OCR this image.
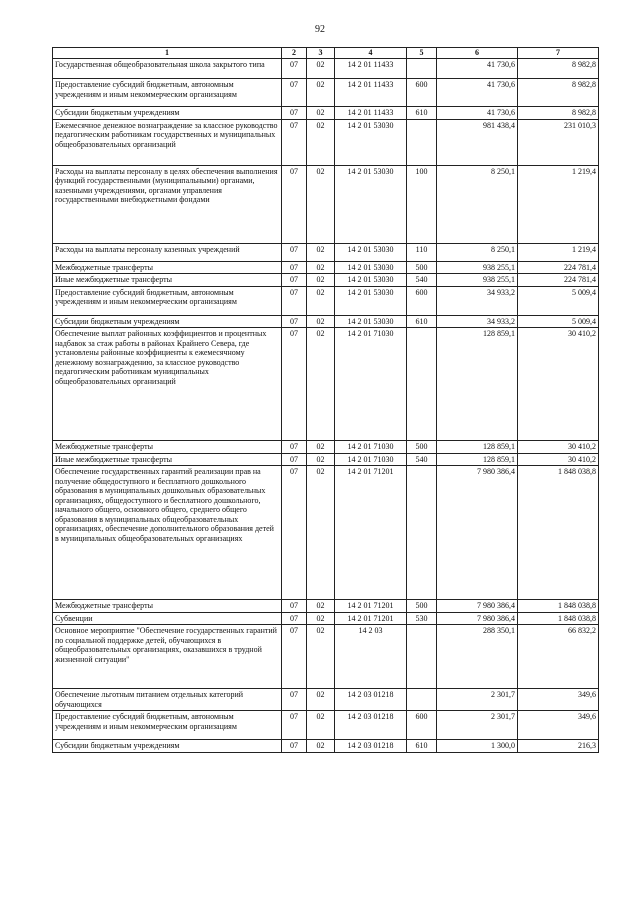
92
1	2	3	4	5	6	7
Государственная общеобразовательная школа закрытого типа	07	02	14 2 01 11433		41 730,6	8 982,8
Предоставление субсидий бюджетным, автономным учреждениям и иным некоммерческим организациям	07	02	14 2 01 11433	600	41 730,6	8 982,8
Субсидии бюджетным учреждениям	07	02	14 2 01 11433	610	41 730,6	8 982,8
Ежемесячное денежное вознаграждение за классное руководство педагогическим работникам государственных и муниципальных общеобразовательных организаций	07	02	14 2 01 53030		981 438,4	231 010,3
Расходы на выплаты персоналу в целях обеспечения выполнения функций государственными (муниципальными) органами, казенными учреждениями, органами управления государственными внебюджетными фондами	07	02	14 2 01 53030	100	8 250,1	1 219,4
Расходы на выплаты персоналу казенных учреждений	07	02	14 2 01 53030	110	8 250,1	1 219,4
Межбюджетные трансферты	07	02	14 2 01 53030	500	938 255,1	224 781,4
Иные межбюджетные трансферты	07	02	14 2 01 53030	540	938 255,1	224 781,4
Предоставление субсидий бюджетным, автономным учреждениям и иным некоммерческим организациям	07	02	14 2 01 53030	600	34 933,2	5 009,4
Субсидии бюджетным учреждениям	07	02	14 2 01 53030	610	34 933,2	5 009,4
Обеспечение выплат районных коэффициентов и процентных надбавок за стаж работы в районах Крайнего Севера, где установлены районные коэффициенты к ежемесячному денежному вознаграждению, за классное руководство педагогическим работникам муниципальных общеобразовательных организаций	07	02	14 2 01 71030		128 859,1	30 410,2
Межбюджетные трансферты	07	02	14 2 01 71030	500	128 859,1	30 410,2
Иные межбюджетные трансферты	07	02	14 2 01 71030	540	128 859,1	30 410,2
Обеспечение государственных гарантий реализации прав на получение общедоступного и бесплатного дошкольного образования в муниципальных дошкольных образовательных организациях, общедоступного и бесплатного дошкольного, начального общего, основного общего, среднего общего образования в муниципальных общеобразовательных организациях, обеспечение дополнительного образования детей в муниципальных общеобразовательных организациях	07	02	14 2 01 71201		7 980 386,4	1 848 038,8
Межбюджетные трансферты	07	02	14 2 01 71201	500	7 980 386,4	1 848 038,8
Субвенции	07	02	14 2 01 71201	530	7 980 386,4	1 848 038,8
Основное мероприятие "Обеспечение государственных гарантий по социальной поддержке детей, обучающихся в общеобразовательных организациях, оказавшихся в трудной жизненной ситуации"	07	02	14 2 03		288 350,1	66 832,2
Обеспечение льготным питанием отдельных категорий обучающихся	07	02	14 2 03 01218		2 301,7	349,6
Предоставление субсидий бюджетным, автономным учреждениям и иным некоммерческим организациям	07	02	14 2 03 01218	600	2 301,7	349,6
Субсидии бюджетным учреждениям	07	02	14 2 03 01218	610	1 300,0	216,3
